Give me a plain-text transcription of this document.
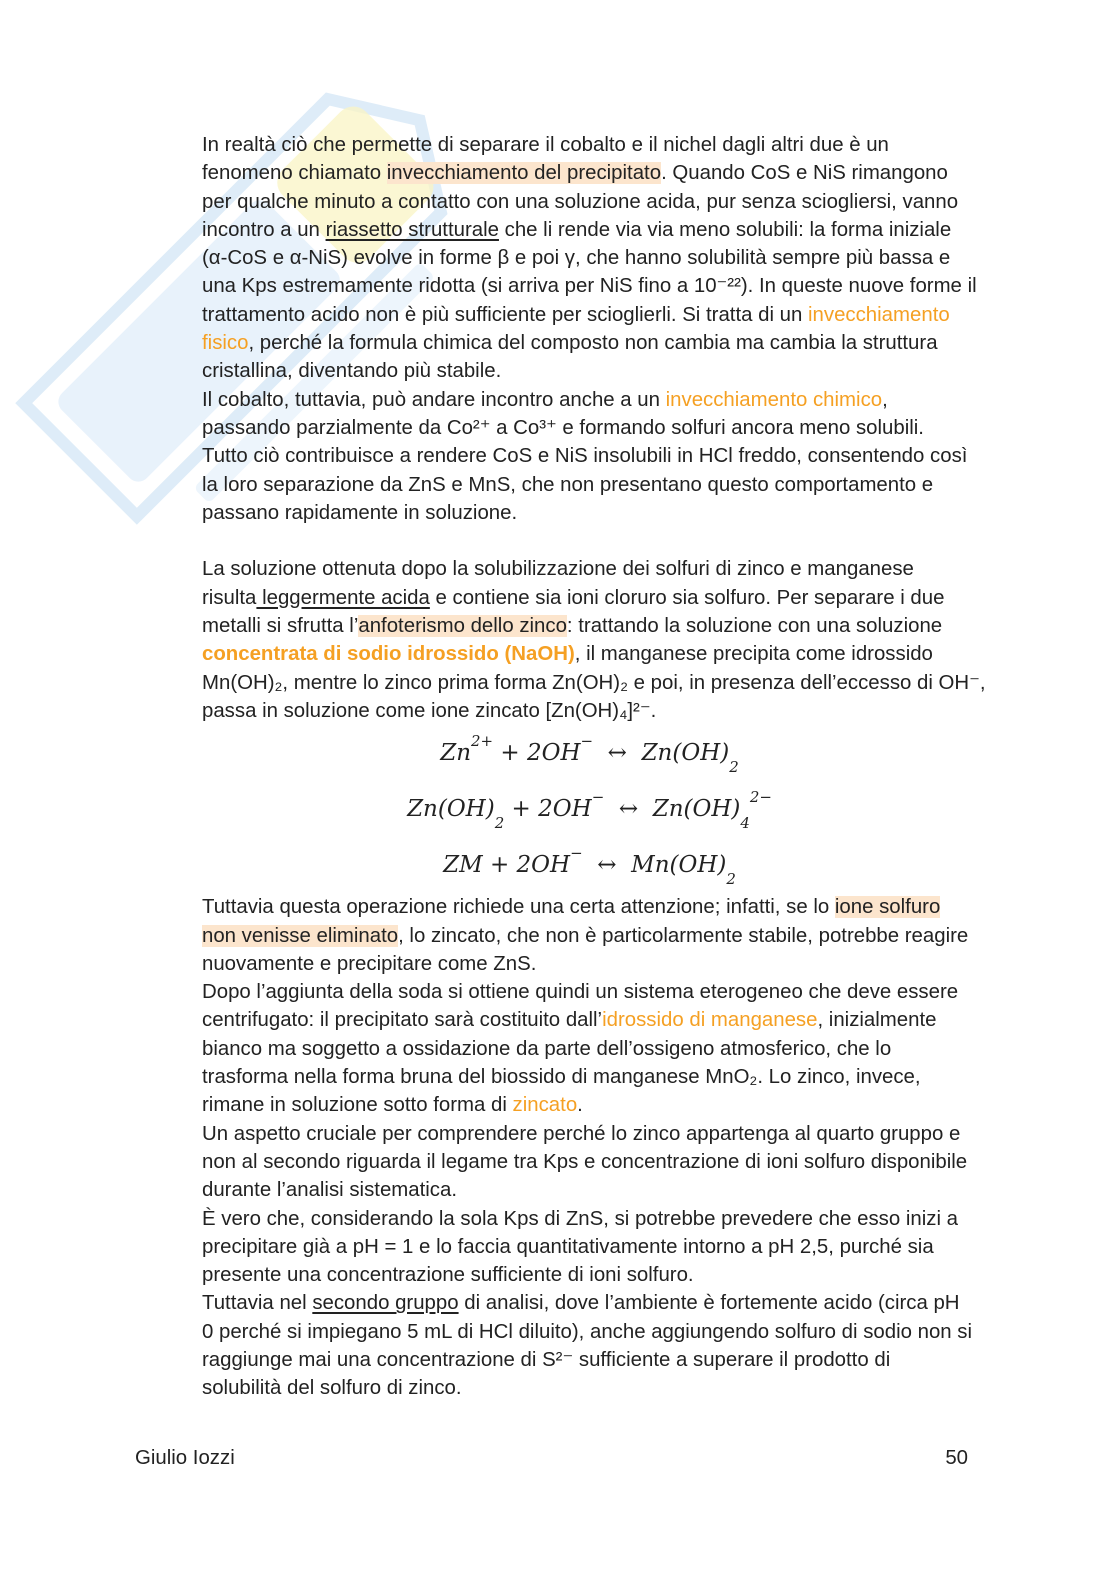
In realtà ciò che permette di separare il cobalto e il nichel dagli altri due è un
fenomeno chiamato invecchiamento del precipitato. Quando CoS e NiS rimangono
per qualche minuto a contatto con una soluzione acida, pur senza sciogliersi, vanno
incontro a un riassetto strutturale che li rende via via meno solubili: la forma iniziale
(α-CoS e α-NiS) evolve in forme β e poi γ, che hanno solubilità sempre più bassa e
una Kps estremamente ridotta (si arriva per NiS fino a 10⁻²²). In queste nuove forme il
trattamento acido non è più sufficiente per scioglierli. Si tratta di un invecchiamento
fisico, perché la formula chimica del composto non cambia ma cambia la struttura
cristallina, diventando più stabile.
Il cobalto, tuttavia, può andare incontro anche a un invecchiamento chimico,
passando parzialmente da Co²⁺ a Co³⁺ e formando solfuri ancora meno solubili.
Tutto ciò contribuisce a rendere CoS e NiS insolubili in HCl freddo, consentendo così
la loro separazione da ZnS e MnS, che non presentano questo comportamento e
passano rapidamente in soluzione.
La soluzione ottenuta dopo la solubilizzazione dei solfuri di zinco e manganese
risulta leggermente acida e contiene sia ioni cloruro sia solfuro. Per separare i due
metalli si sfrutta l’anfoterismo dello zinco: trattando la soluzione con una soluzione
concentrata di sodio idrossido (NaOH), il manganese precipita come idrossido
Mn(OH)₂, mentre lo zinco prima forma Zn(OH)₂ e poi, in presenza dell’eccesso di OH⁻,
passa in soluzione come ione zincato [Zn(OH)₄]²⁻.
$Zn^{2+} + 2OH^-$  ↔  $Zn(OH)_2$
$Zn(OH)_2 + 2OH^-$  ↔  $Zn(OH)_4^{2-}$
ZM + 2OH−  ↔  $Mn(OH)_2$
Tuttavia questa operazione richiede una certa attenzione; infatti, se lo ione solfuro
non venisse eliminato, lo zincato, che non è particolarmente stabile, potrebbe reagire
nuovamente e precipitare come ZnS.
Dopo l’aggiunta della soda si ottiene quindi un sistema eterogeneo che deve essere
centrifugato: il precipitato sarà costituito dall’idrossido di manganese, inizialmente
bianco ma soggetto a ossidazione da parte dell’ossigeno atmosferico, che lo
trasforma nella forma bruna del biossido di manganese MnO₂. Lo zinco, invece,
rimane in soluzione sotto forma di zincato.
Un aspetto cruciale per comprendere perché lo zinco appartenga al quarto gruppo e
non al secondo riguarda il legame tra Kps e concentrazione di ioni solfuro disponibile
durante l’analisi sistematica.
È vero che, considerando la sola Kps di ZnS, si potrebbe prevedere che esso inizi a
precipitare già a pH = 1 e lo faccia quantitativamente intorno a pH 2,5, purché sia
presente una concentrazione sufficiente di ioni solfuro.
Tuttavia nel secondo gruppo di analisi, dove l’ambiente è fortemente acido (circa pH
0 perché si impiegano 5 mL di HCl diluito), anche aggiungendo solfuro di sodio non si
raggiunge mai una concentrazione di S²⁻ sufficiente a superare il prodotto di
solubilità del solfuro di zinco.
Giulio Iozzi	50
